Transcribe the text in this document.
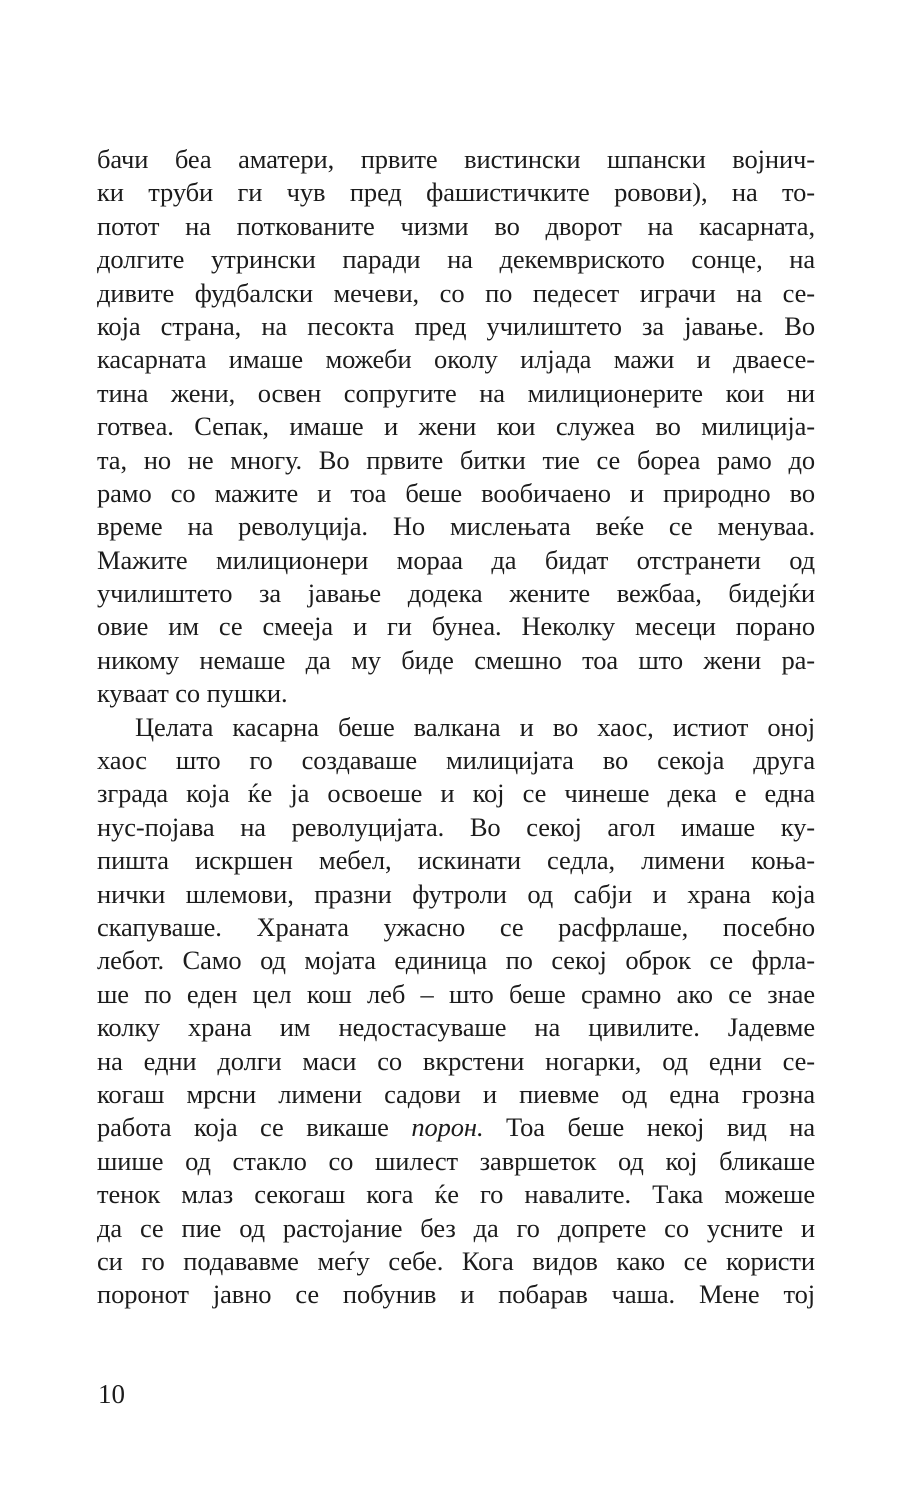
бачи беа аматери, првите вистински шпански војнич-
ки труби ги чув пред фашистичките ровови), на то-
потот на поткованите чизми во дворот на касарната,
долгите утрински паради на декемвриското сонце, на
дивите фудбалски мечеви, со по педесет играчи на се-
која страна, на песокта пред училиштето за јавање. Во
касарната имаше можеби околу илјада мажи и дваесе-
тина жени, освен сопругите на милиционерите кои ни
готвеа. Сепак, имаше и жени кои служеа во милиција-
та, но не многу. Во првите битки тие се бореа рамо до
рамо со мажите и тоа беше вообичаено и природно во
време на револуција. Но мислењата веќе се менуваа.
Мажите милиционери мораа да бидат отстранети од
училиштето за јавање додека жените вежбаа, бидејќи
овие им се смееја и ги бунеа. Неколку месеци порано
никому немаше да му биде смешно тоа што жени ра-
куваат со пушки.
Целата касарна беше валкана и во хаос, истиот оној
хаос што го создаваше милицијата во секоја друга
зграда која ќе ја освоеше и кој се чинеше дека е една
нус-појава на револуцијата. Во секој агол имаше ку-
пишта искршен мебел, искинати седла, лимени коња-
нички шлемови, празни футроли од сабји и храна која
скапуваше. Храната ужасно се расфрлаше, посебно
лебот. Само од мојата единица по секој оброк се фрла-
ше по еден цел кош леб – што беше срамно ако се знае
колку храна им недостасуваше на цивилите. Јадевме
на едни долги маси со вкрстени ногарки, од едни се-
когаш мрсни лимени садови и пиевме од една грозна
работа која се викаше порон. Тоа беше некој вид на
шише од стакло со шилест завршеток од кој бликаше
тенок млаз секогаш кога ќе го навалите. Така можеше
да се пие од растојание без да го допрете со усните и
си го подававме меѓу себе. Кога видов како се користи
поронот јавно се побунив и побарав чаша. Мене тој
10
